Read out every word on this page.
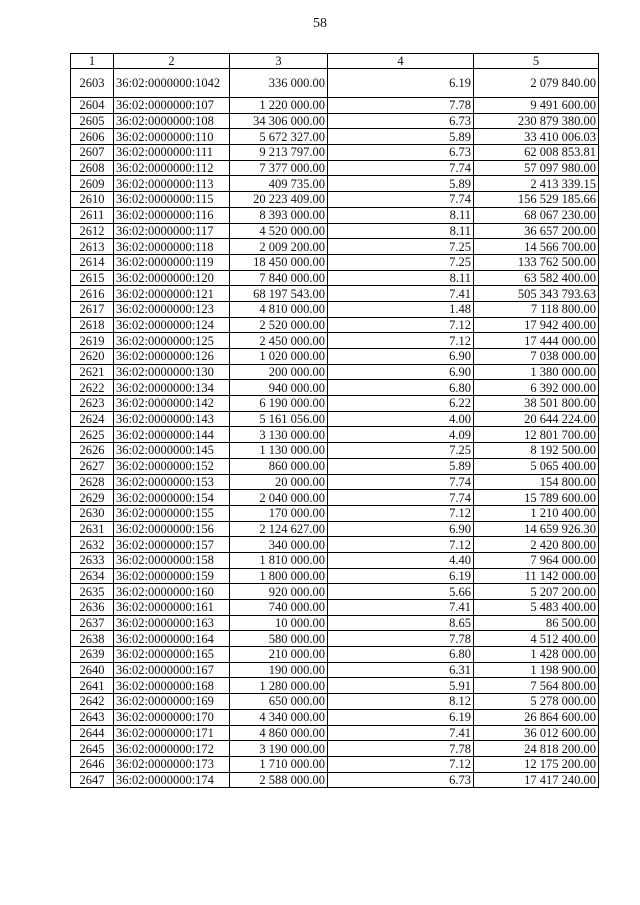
58
1	2	3	4	5
2603	36:02:0000000:1042	336 000.00	6.19	2 079 840.00
2604	36:02:0000000:107	1 220 000.00	7.78	9 491 600.00
2605	36:02:0000000:108	34 306 000.00	6.73	230 879 380.00
2606	36:02:0000000:110	5 672 327.00	5.89	33 410 006.03
2607	36:02:0000000:111	9 213 797.00	6.73	62 008 853.81
2608	36:02:0000000:112	7 377 000.00	7.74	57 097 980.00
2609	36:02:0000000:113	409 735.00	5.89	2 413 339.15
2610	36:02:0000000:115	20 223 409.00	7.74	156 529 185.66
2611	36:02:0000000:116	8 393 000.00	8.11	68 067 230.00
2612	36:02:0000000:117	4 520 000.00	8.11	36 657 200.00
2613	36:02:0000000:118	2 009 200.00	7.25	14 566 700.00
2614	36:02:0000000:119	18 450 000.00	7.25	133 762 500.00
2615	36:02:0000000:120	7 840 000.00	8.11	63 582 400.00
2616	36:02:0000000:121	68 197 543.00	7.41	505 343 793.63
2617	36:02:0000000:123	4 810 000.00	1.48	7 118 800.00
2618	36:02:0000000:124	2 520 000.00	7.12	17 942 400.00
2619	36:02:0000000:125	2 450 000.00	7.12	17 444 000.00
2620	36:02:0000000:126	1 020 000.00	6.90	7 038 000.00
2621	36:02:0000000:130	200 000.00	6.90	1 380 000.00
2622	36:02:0000000:134	940 000.00	6.80	6 392 000.00
2623	36:02:0000000:142	6 190 000.00	6.22	38 501 800.00
2624	36:02:0000000:143	5 161 056.00	4.00	20 644 224.00
2625	36:02:0000000:144	3 130 000.00	4.09	12 801 700.00
2626	36:02:0000000:145	1 130 000.00	7.25	8 192 500.00
2627	36:02:0000000:152	860 000.00	5.89	5 065 400.00
2628	36:02:0000000:153	20 000.00	7.74	154 800.00
2629	36:02:0000000:154	2 040 000.00	7.74	15 789 600.00
2630	36:02:0000000:155	170 000.00	7.12	1 210 400.00
2631	36:02:0000000:156	2 124 627.00	6.90	14 659 926.30
2632	36:02:0000000:157	340 000.00	7.12	2 420 800.00
2633	36:02:0000000:158	1 810 000.00	4.40	7 964 000.00
2634	36:02:0000000:159	1 800 000.00	6.19	11 142 000.00
2635	36:02:0000000:160	920 000.00	5.66	5 207 200.00
2636	36:02:0000000:161	740 000.00	7.41	5 483 400.00
2637	36:02:0000000:163	10 000.00	8.65	86 500.00
2638	36:02:0000000:164	580 000.00	7.78	4 512 400.00
2639	36:02:0000000:165	210 000.00	6.80	1 428 000.00
2640	36:02:0000000:167	190 000.00	6.31	1 198 900.00
2641	36:02:0000000:168	1 280 000.00	5.91	7 564 800.00
2642	36:02:0000000:169	650 000.00	8.12	5 278 000.00
2643	36:02:0000000:170	4 340 000.00	6.19	26 864 600.00
2644	36:02:0000000:171	4 860 000.00	7.41	36 012 600.00
2645	36:02:0000000:172	3 190 000.00	7.78	24 818 200.00
2646	36:02:0000000:173	1 710 000.00	7.12	12 175 200.00
2647	36:02:0000000:174	2 588 000.00	6.73	17 417 240.00
